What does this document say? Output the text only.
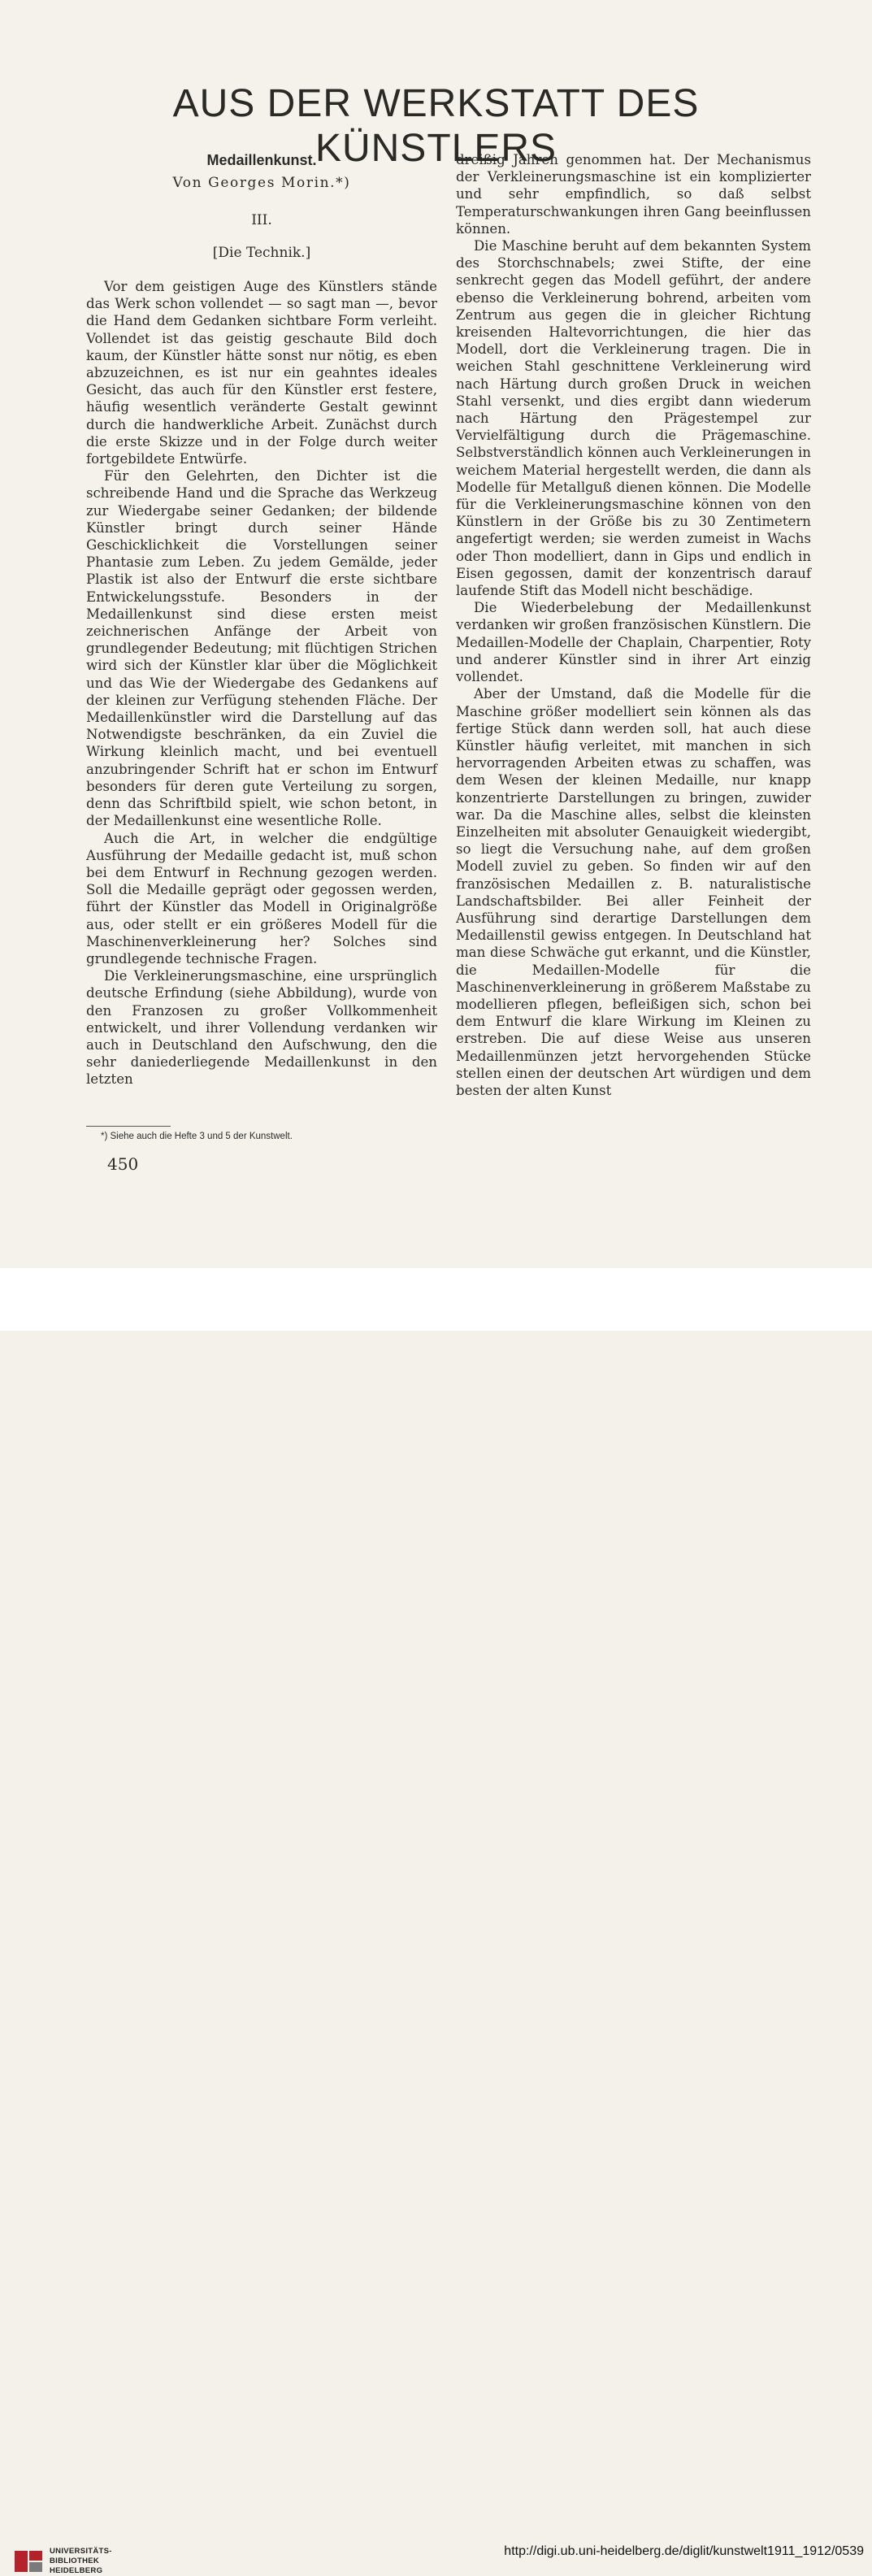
AUS DER WERKSTATT DES KÜNSTLERS
Medaillenkunst.
Von Georges Morin.*)
III.
[Die Technik.]

Vor dem geistigen Auge des Künstlers stände das Werk schon vollendet — so sagt man —, bevor die Hand dem Gedanken sichtbare Form verleiht. Vollendet ist das geistig geschaute Bild doch kaum, der Künstler hätte sonst nur nötig, es eben abzuzeichnen, es ist nur ein geahntes ideales Gesicht, das auch für den Künstler erst festere, häufig wesentlich veränderte Gestalt gewinnt durch die handwerkliche Arbeit. Zunächst durch die erste Skizze und in der Folge durch weiter fortgebildete Entwürfe.

Für den Gelehrten, den Dichter ist die schreibende Hand und die Sprache das Werkzeug zur Wiedergabe seiner Gedanken; der bildende Künstler bringt durch seiner Hände Geschicklichkeit die Vorstellungen seiner Phantasie zum Leben. Zu jedem Gemälde, jeder Plastik ist also der Entwurf die erste sichtbare Entwickelungsstufe. Besonders in der Medaillenkunst sind diese ersten meist zeichnerischen Anfänge der Arbeit von grundlegender Bedeutung; mit flüchtigen Strichen wird sich der Künstler klar über die Möglichkeit und das Wie der Wiedergabe des Gedankens auf der kleinen zur Verfügung stehenden Fläche. Der Medaillenkünstler wird die Darstellung auf das Notwendigste beschränken, da ein Zuviel die Wirkung kleinlich macht, und bei eventuell anzubringender Schrift hat er schon im Entwurf besonders für deren gute Verteilung zu sorgen, denn das Schriftbild spielt, wie schon betont, in der Medaillenkunst eine wesentliche Rolle.

Auch die Art, in welcher die endgültige Ausführung der Medaille gedacht ist, muß schon bei dem Entwurf in Rechnung gezogen werden. Soll die Medaille geprägt oder gegossen werden, führt der Künstler das Modell in Originalgröße aus, oder stellt er ein größeres Modell für die Maschinenverkleinerung her? Solches sind grundlegende technische Fragen.

Die Verkleinerungsmaschine, eine ursprünglich deutsche Erfindung (siehe Abbildung), wurde von den Franzosen zu großer Vollkommenheit entwickelt, und ihrer Vollendung verdanken wir auch in Deutschland den Aufschwung, den die sehr daniederliegende Medaillenkunst in den letzten

dreißig Jahren genommen hat. Der Mechanismus der Verkleinerungsmaschine ist ein komplizierter und sehr empfindlich, so daß selbst Temperaturschwankungen ihren Gang beeinflussen können.

Die Maschine beruht auf dem bekannten System des Storchschnabels; zwei Stifte, der eine senkrecht gegen das Modell geführt, der andere ebenso die Verkleinerung bohrend, arbeiten vom Zentrum aus gegen die in gleicher Richtung kreisenden Haltevorrichtungen, die hier das Modell, dort die Verkleinerung tragen. Die in weichen Stahl geschnittene Verkleinerung wird nach Härtung durch großen Druck in weichen Stahl versenkt, und dies ergibt dann wiederum nach Härtung den Prägestempel zur Vervielfältigung durch die Prägemaschine. Selbstverständlich können auch Verkleinerungen in weichem Material hergestellt werden, die dann als Modelle für Metallguß dienen können. Die Modelle für die Verkleinerungsmaschine können von den Künstlern in der Größe bis zu 30 Zentimetern angefertigt werden; sie werden zumeist in Wachs oder Thon modelliert, dann in Gips und endlich in Eisen gegossen, damit der konzentrisch darauf laufende Stift das Modell nicht beschädige.

Die Wiederbelebung der Medaillenkunst verdanken wir großen französischen Künstlern. Die Medaillen-Modelle der Chaplain, Charpentier, Roty und anderer Künstler sind in ihrer Art einzig vollendet.

Aber der Umstand, daß die Modelle für die Maschine größer modelliert sein können als das fertige Stück dann werden soll, hat auch diese Künstler häufig verleitet, mit manchen in sich hervorragenden Arbeiten etwas zu schaffen, was dem Wesen der kleinen Medaille, nur knapp konzentrierte Darstellungen zu bringen, zuwider war. Da die Maschine alles, selbst die kleinsten Einzelheiten mit absoluter Genauigkeit wiedergibt, so liegt die Versuchung nahe, auf dem großen Modell zuviel zu geben. So finden wir auf den französischen Medaillen z. B. naturalistische Landschaftsbilder. Bei aller Feinheit der Ausführung sind derartige Darstellungen dem Medaillenstil gewiss entgegen. In Deutschland hat man diese Schwäche gut erkannt, und die Künstler, die Medaillen-Modelle für die Maschinenverkleinerung in größerem Maßstabe zu modellieren pflegen, befleißigen sich, schon bei dem Entwurf die klare Wirkung im Kleinen zu erstreben. Die auf diese Weise aus unseren Medaillenmünzen jetzt hervorgehenden Stücke stellen einen der deutschen Art würdigen und dem besten der alten Kunst

*) Siehe auch die Hefte 3 und 5 der Kunstwelt.
450
UNIVERSITÄTS-
BIBLIOTHEK
HEIDELBERG
http://digi.ub.uni-heidelberg.de/diglit/kunstwelt1911_1912/0539
